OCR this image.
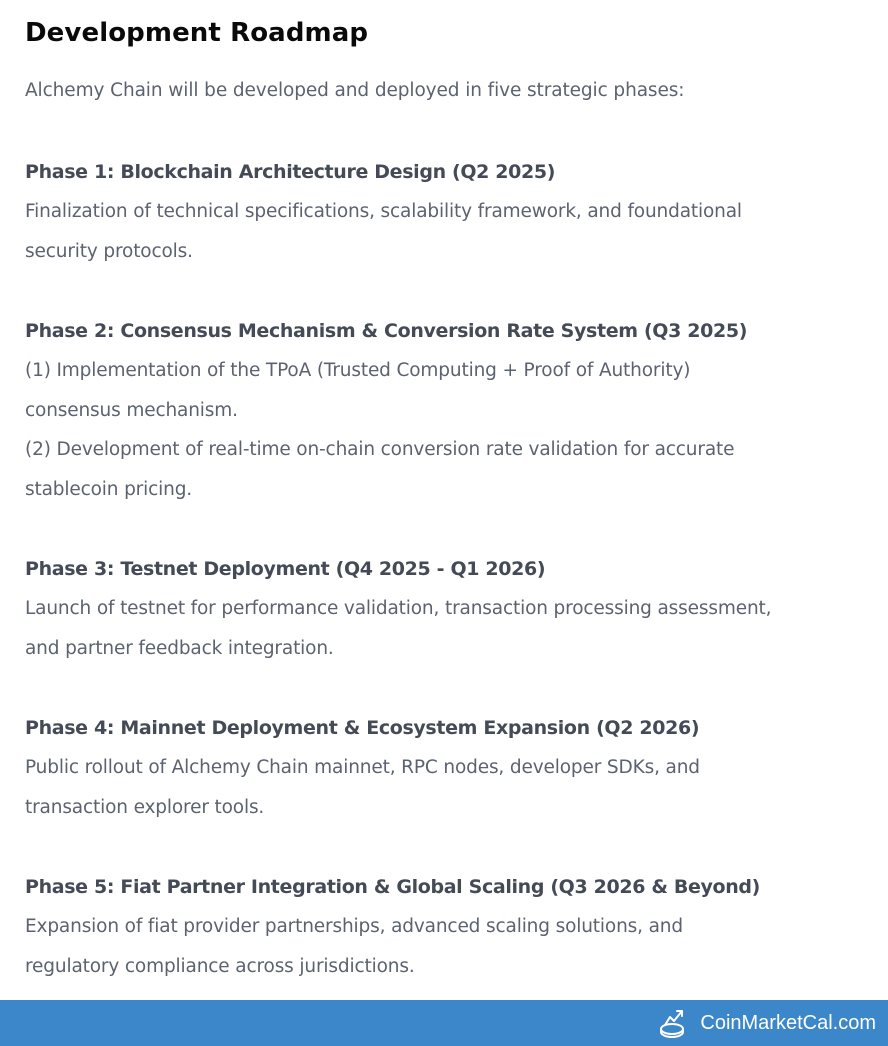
Development Roadmap
Alchemy Chain will be developed and deployed in five strategic phases:
Phase 1: Blockchain Architecture Design (Q2 2025)
Finalization of technical specifications, scalability framework, and foundational
security protocols.
Phase 2: Consensus Mechanism & Conversion Rate System (Q3 2025)
(1) Implementation of the TPoA (Trusted Computing + Proof of Authority)
consensus mechanism.
(2) Development of real-time on-chain conversion rate validation for accurate
stablecoin pricing.
Phase 3: Testnet Deployment (Q4 2025 - Q1 2026)
Launch of testnet for performance validation, transaction processing assessment,
and partner feedback integration.
Phase 4: Mainnet Deployment & Ecosystem Expansion (Q2 2026)
Public rollout of Alchemy Chain mainnet, RPC nodes, developer SDKs, and
transaction explorer tools.
Phase 5: Fiat Partner Integration & Global Scaling (Q3 2026 & Beyond)
Expansion of fiat provider partnerships, advanced scaling solutions, and
regulatory compliance across jurisdictions.
CoinMarketCal.com
